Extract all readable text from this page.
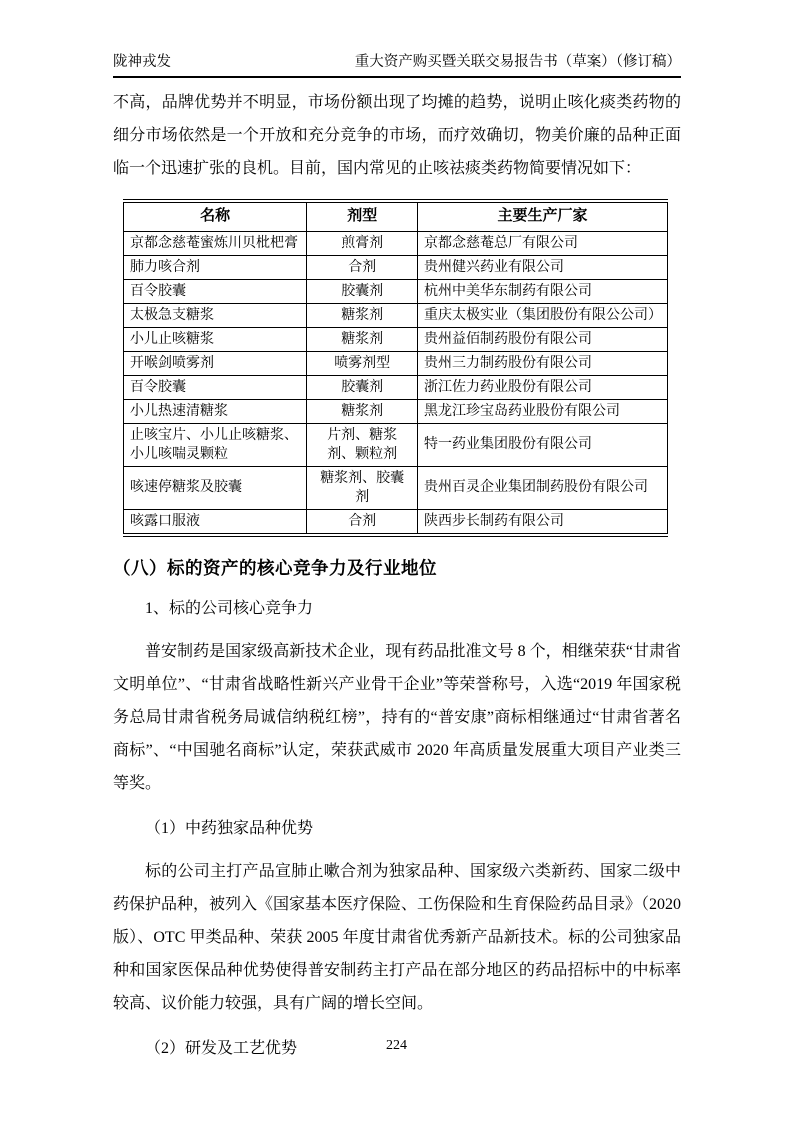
陇神戎发	重大资产购买暨关联交易报告书（草案）（修订稿）

不高，品牌优势并不明显，市场份额出现了均摊的趋势，说明止咳化痰类药物的细分市场依然是一个开放和充分竞争的市场，而疗效确切，物美价廉的品种正面临一个迅速扩张的良机。目前，国内常见的止咳祛痰类药物简要情况如下：

名称	剂型	主要生产厂家
京都念慈菴蜜炼川贝枇杷膏	煎膏剂	京都念慈菴总厂有限公司
肺力咳合剂	合剂	贵州健兴药业有限公司
百令胶囊	胶囊剂	杭州中美华东制药有限公司
太极急支糖浆	糖浆剂	重庆太极实业（集团股份有限公公司）
小儿止咳糖浆	糖浆剂	贵州益佰制药股份有限公司
开喉剑喷雾剂	喷雾剂型	贵州三力制药股份有限公司
百令胶囊	胶囊剂	浙江佐力药业股份有限公司
小儿热速清糖浆	糖浆剂	黑龙江珍宝岛药业股份有限公司
止咳宝片、小儿止咳糖浆、小儿咳喘灵颗粒	片剂、糖浆剂、颗粒剂	特一药业集团股份有限公司
咳速停糖浆及胶囊	糖浆剂、胶囊剂	贵州百灵企业集团制药股份有限公司
咳露口服液	合剂	陕西步长制药有限公司
（八）标的资产的核心竞争力及行业地位

1、标的公司核心竞争力

普安制药是国家级高新技术企业，现有药品批准文号 8 个，相继荣获“甘肃省文明单位”、“甘肃省战略性新兴产业骨干企业”等荣誉称号，入选“2019 年国家税务总局甘肃省税务局诚信纳税红榜”，持有的“普安康”商标相继通过“甘肃省著名商标”、“中国驰名商标”认定，荣获武威市 2020 年高质量发展重大项目产业类三等奖。

（1）中药独家品种优势

标的公司主打产品宣肺止嗽合剂为独家品种、国家级六类新药、国家二级中药保护品种，被列入《国家基本医疗保险、工伤保险和生育保险药品目录》（2020 版）、OTC 甲类品种、荣获 2005 年度甘肃省优秀新产品新技术。标的公司独家品种和国家医保品种优势使得普安制药主打产品在部分地区的药品招标中的中标率较高、议价能力较强，具有广阔的增长空间。

（2）研发及工艺优势	224
